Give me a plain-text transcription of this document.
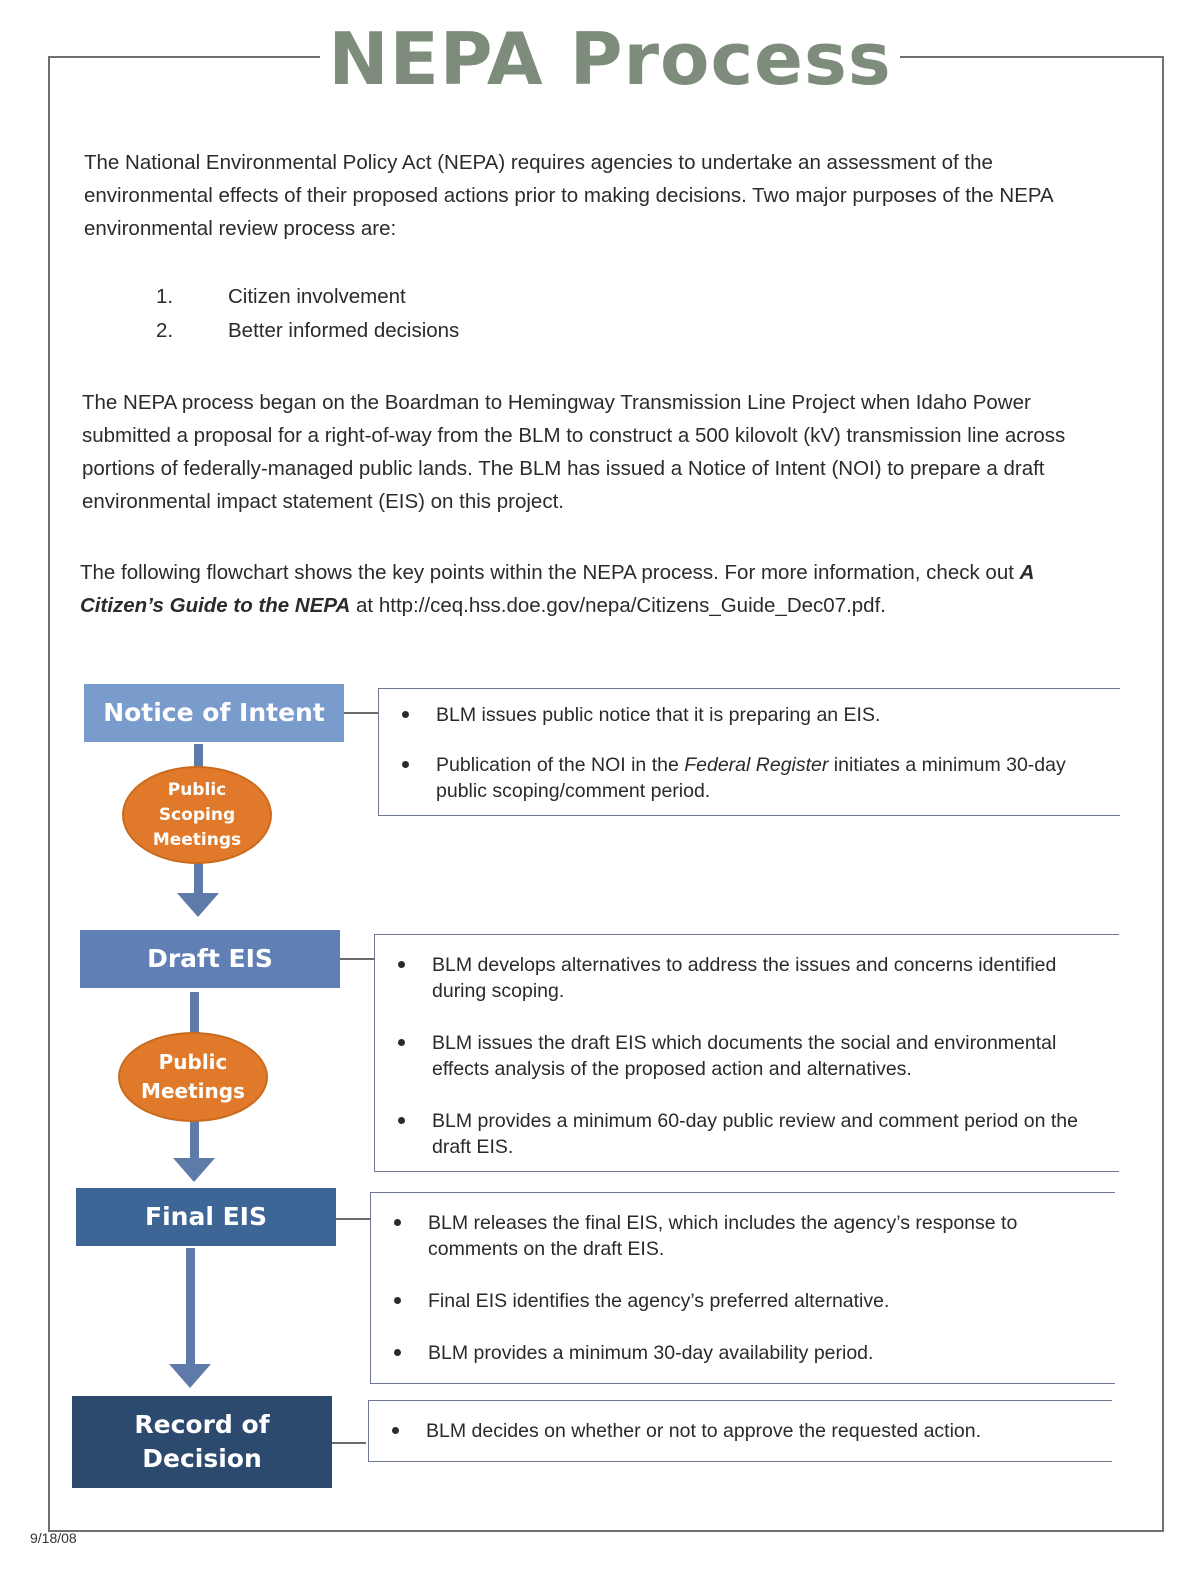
NEPA Process

The National Environmental Policy Act (NEPA) requires agencies to undertake an assessment of the environmental effects of their proposed actions prior to making decisions. Two major purposes of the NEPA environmental review process are:

1.	Citizen involvement
2.	Better informed decisions

The NEPA process began on the Boardman to Hemingway Transmission Line Project when Idaho Power submitted a proposal for a right-of-way from the BLM to construct a 500 kilovolt (kV) transmission line across portions of federally-managed public lands. The BLM has issued a Notice of Intent (NOI) to prepare a draft environmental impact statement (EIS) on this project.

The following flowchart shows the key points within the NEPA process. For more information, check out A Citizen’s Guide to the NEPA at http://ceq.hss.doe.gov/nepa/Citizens_Guide_Dec07.pdf.

Notice of Intent
Draft EIS
Final EIS
Record of Decision
Public Scoping Meetings
Public Meetings
BLM issues public notice that it is preparing an EIS.
Publication of the NOI in the Federal Register initiates a minimum 30-day public scoping/comment period.
BLM develops alternatives to address the issues and concerns identified during scoping.
BLM issues the draft EIS which documents the social and environmental effects analysis of the proposed action and alternatives.
BLM provides a minimum 60-day public review and comment period on the draft EIS.
BLM releases the final EIS, which includes the agency’s response to comments on the draft EIS.
Final EIS identifies the agency’s preferred alternative.
BLM provides a minimum 30-day availability period.
BLM decides on whether or not to approve the requested action.
9/18/08
